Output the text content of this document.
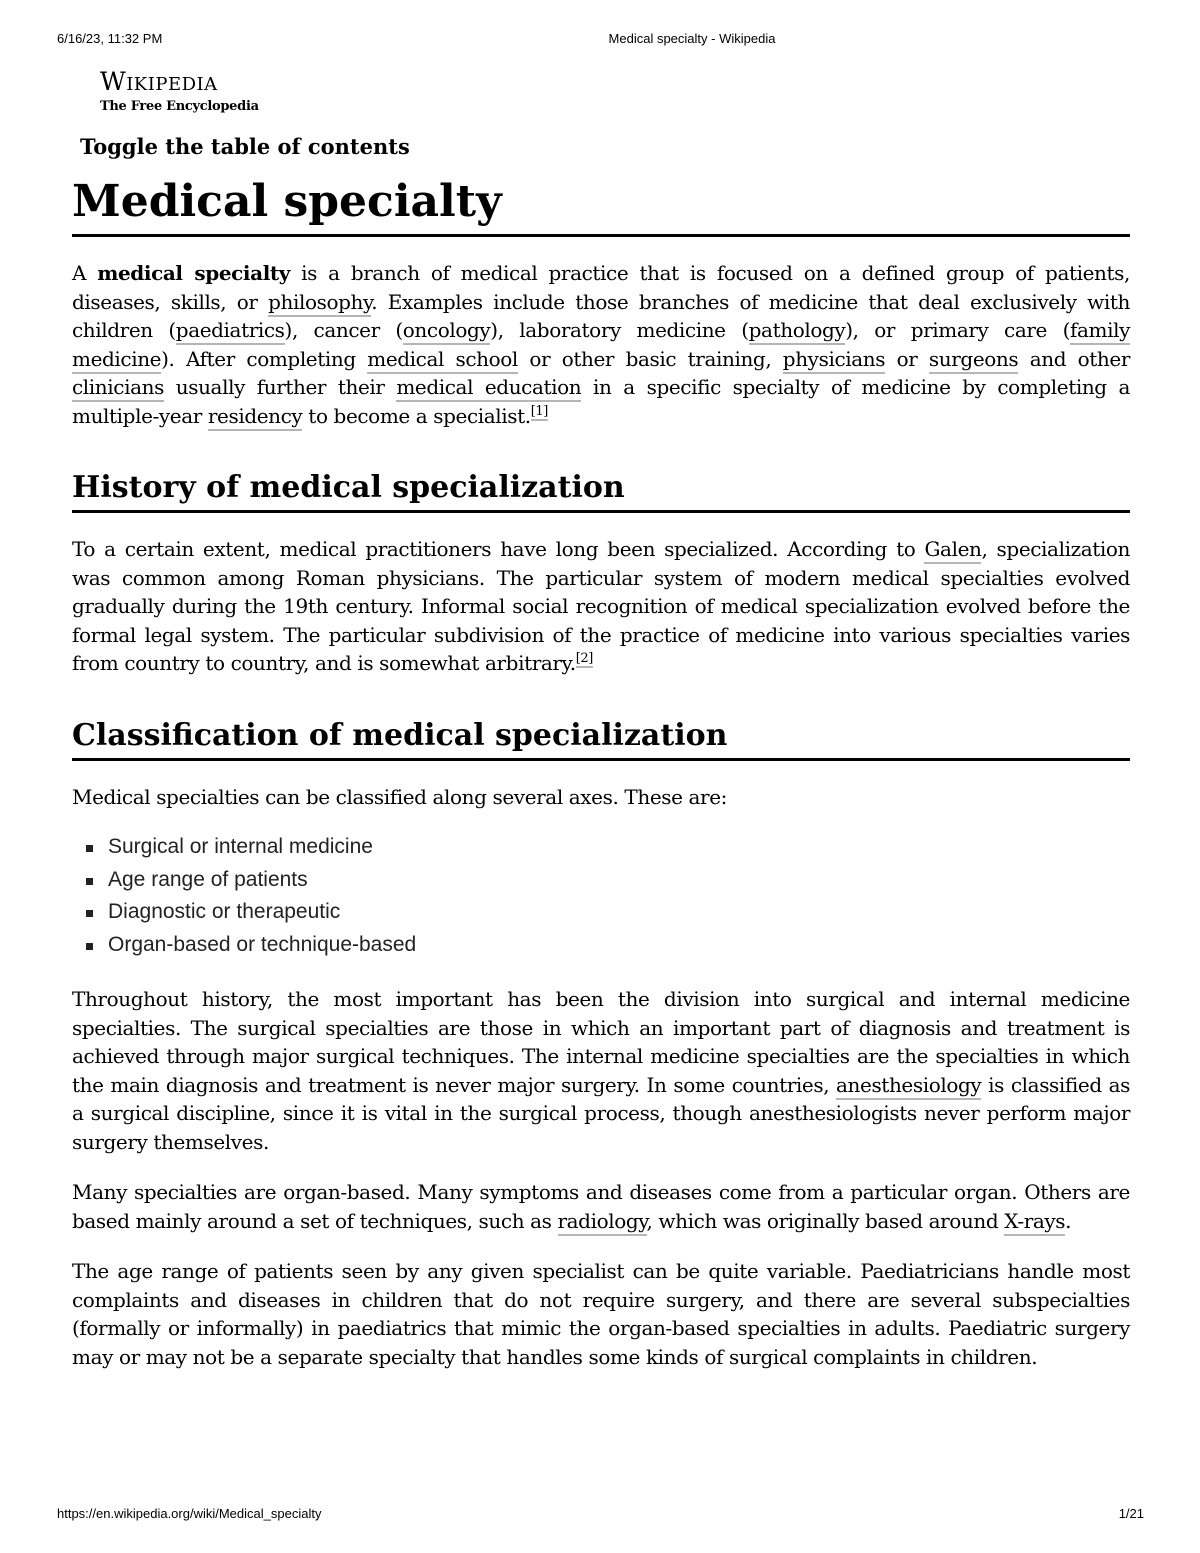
6/16/23, 11:32 PM	Medical specialty - Wikipedia
Wikipedia
The Free Encyclopedia
Toggle the table of contents
Medical specialty

A medical specialty is a branch of medical practice that is focused on a defined group of patients, diseases, skills, or philosophy. Examples include those branches of medicine that deal exclusively with children (paediatrics), cancer (oncology), laboratory medicine (pathology), or primary care (family medicine). After completing medical school or other basic training, physicians or surgeons and other clinicians usually further their medical education in a specific specialty of medicine by completing a multiple-year residency to become a specialist.[1]

History of medical specialization

To a certain extent, medical practitioners have long been specialized. According to Galen, specialization was common among Roman physicians. The particular system of modern medical specialties evolved gradually during the 19th century. Informal social recognition of medical specialization evolved before the formal legal system. The particular subdivision of the practice of medicine into various specialties varies from country to country, and is somewhat arbitrary.[2]

Classification of medical specialization

Medical specialties can be classified along several axes. These are:

Surgical or internal medicine
Age range of patients
Diagnostic or therapeutic
Organ-based or technique-based

Throughout history, the most important has been the division into surgical and internal medicine specialties. The surgical specialties are those in which an important part of diagnosis and treatment is achieved through major surgical techniques. The internal medicine specialties are the specialties in which the main diagnosis and treatment is never major surgery. In some countries, anesthesiology is classified as a surgical discipline, since it is vital in the surgical process, though anesthesiologists never perform major surgery themselves.

Many specialties are organ-based. Many symptoms and diseases come from a particular organ. Others are based mainly around a set of techniques, such as radiology, which was originally based around X-rays.

The age range of patients seen by any given specialist can be quite variable. Paediatricians handle most complaints and diseases in children that do not require surgery, and there are several subspecialties (formally or informally) in paediatrics that mimic the organ-based specialties in adults. Paediatric surgery may or may not be a separate specialty that handles some kinds of surgical complaints in children.

https://en.wikipedia.org/wiki/Medical_specialty	1/21
